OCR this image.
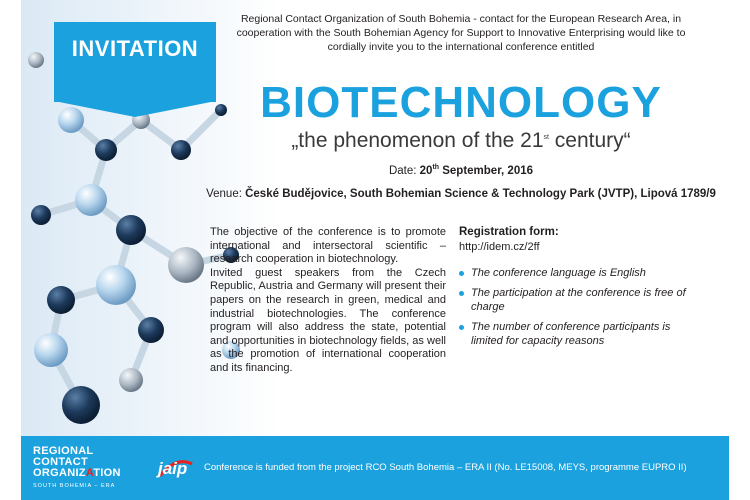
INVITATION
Regional Contact Organization of South Bohemia - contact for the European Research Area, in
cooperation with the South Bohemian Agency for Support to Innovative Enterprising would like to
cordially invite you to the international conference entitled
BIOTECHNOLOGY
„the phenomenon of the 21st century“
Date: 20th September, 2016
Venue: České Budějovice, South Bohemian Science & Technology Park (JVTP), Lipová 1789/9

The objective of the conference is to promote international and intersectoral scientific – research cooperation in biotechnology.

Invited guest speakers from the Czech Republic, Austria and Germany will present their papers on the research in green, medical and industrial biotechnologies. The conference program will also address the state, potential and opportunities in biotechnology fields, as well as the promotion of international cooperation and its financing.

Registration form:
http://idem.cz/2ff
The conference language is English
The participation at the conference is free of charge
The number of conference participants is limited for capacity reasons
REGIONAL
CONTACT
ORGANIZATION
SOUTH BOHEMIA – ERA
jaip Conference is funded from the project RCO South Bohemia – ERA II (No. LE15008, MEYS, programme EUPRO II)
